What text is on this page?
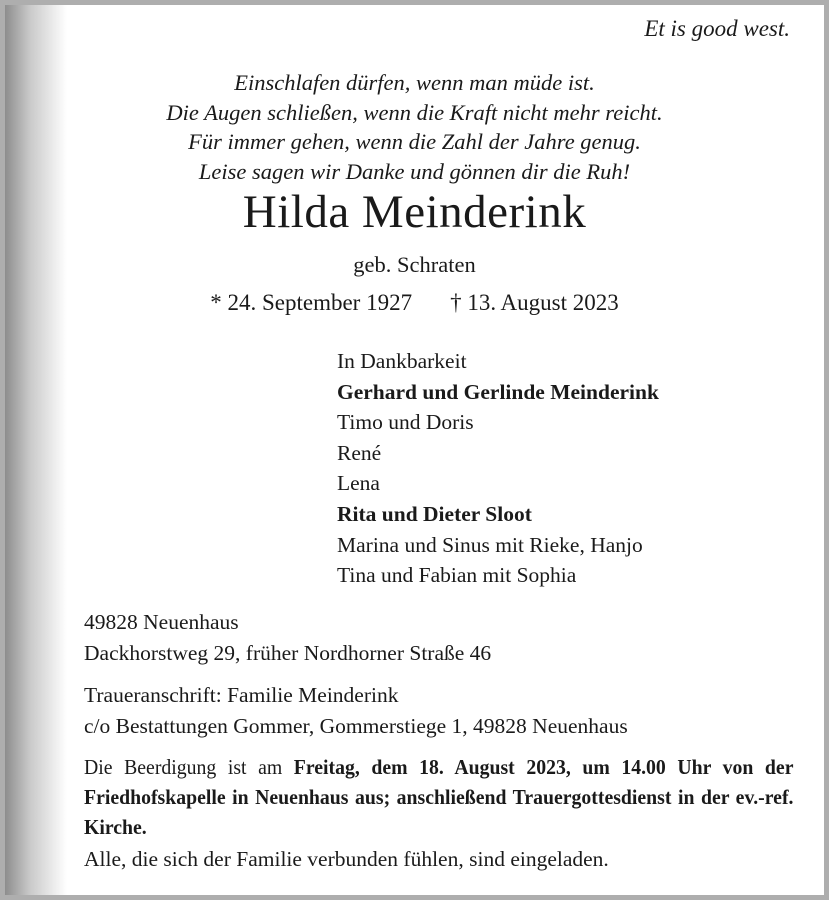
Et is good west.
Einschlafen dürfen, wenn man müde ist.
Die Augen schließen, wenn die Kraft nicht mehr reicht.
Für immer gehen, wenn die Zahl der Jahre genug.
Leise sagen wir Danke und gönnen dir die Ruh!
Hilda Meinderink
geb. Schraten
* 24. September 1927 † 13. August 2023
In Dankbarkeit
Gerhard und Gerlinde Meinderink
Timo und Doris
René
Lena
Rita und Dieter Sloot
Marina und Sinus mit Rieke, Hanjo
Tina und Fabian mit Sophia
49828 Neuenhaus
Dackhorstweg 29, früher Nordhorner Straße 46
Traueranschrift: Familie Meinderink
c/o Bestattungen Gommer, Gommerstiege 1, 49828 Neuenhaus
Die Beerdigung ist am Freitag, dem 18. August 2023, um 14.00 Uhr von der Friedhofskapelle in Neuenhaus aus; anschließend Trauergottesdienst in der ev.-ref. Kirche.
Alle, die sich der Familie verbunden fühlen, sind eingeladen.
